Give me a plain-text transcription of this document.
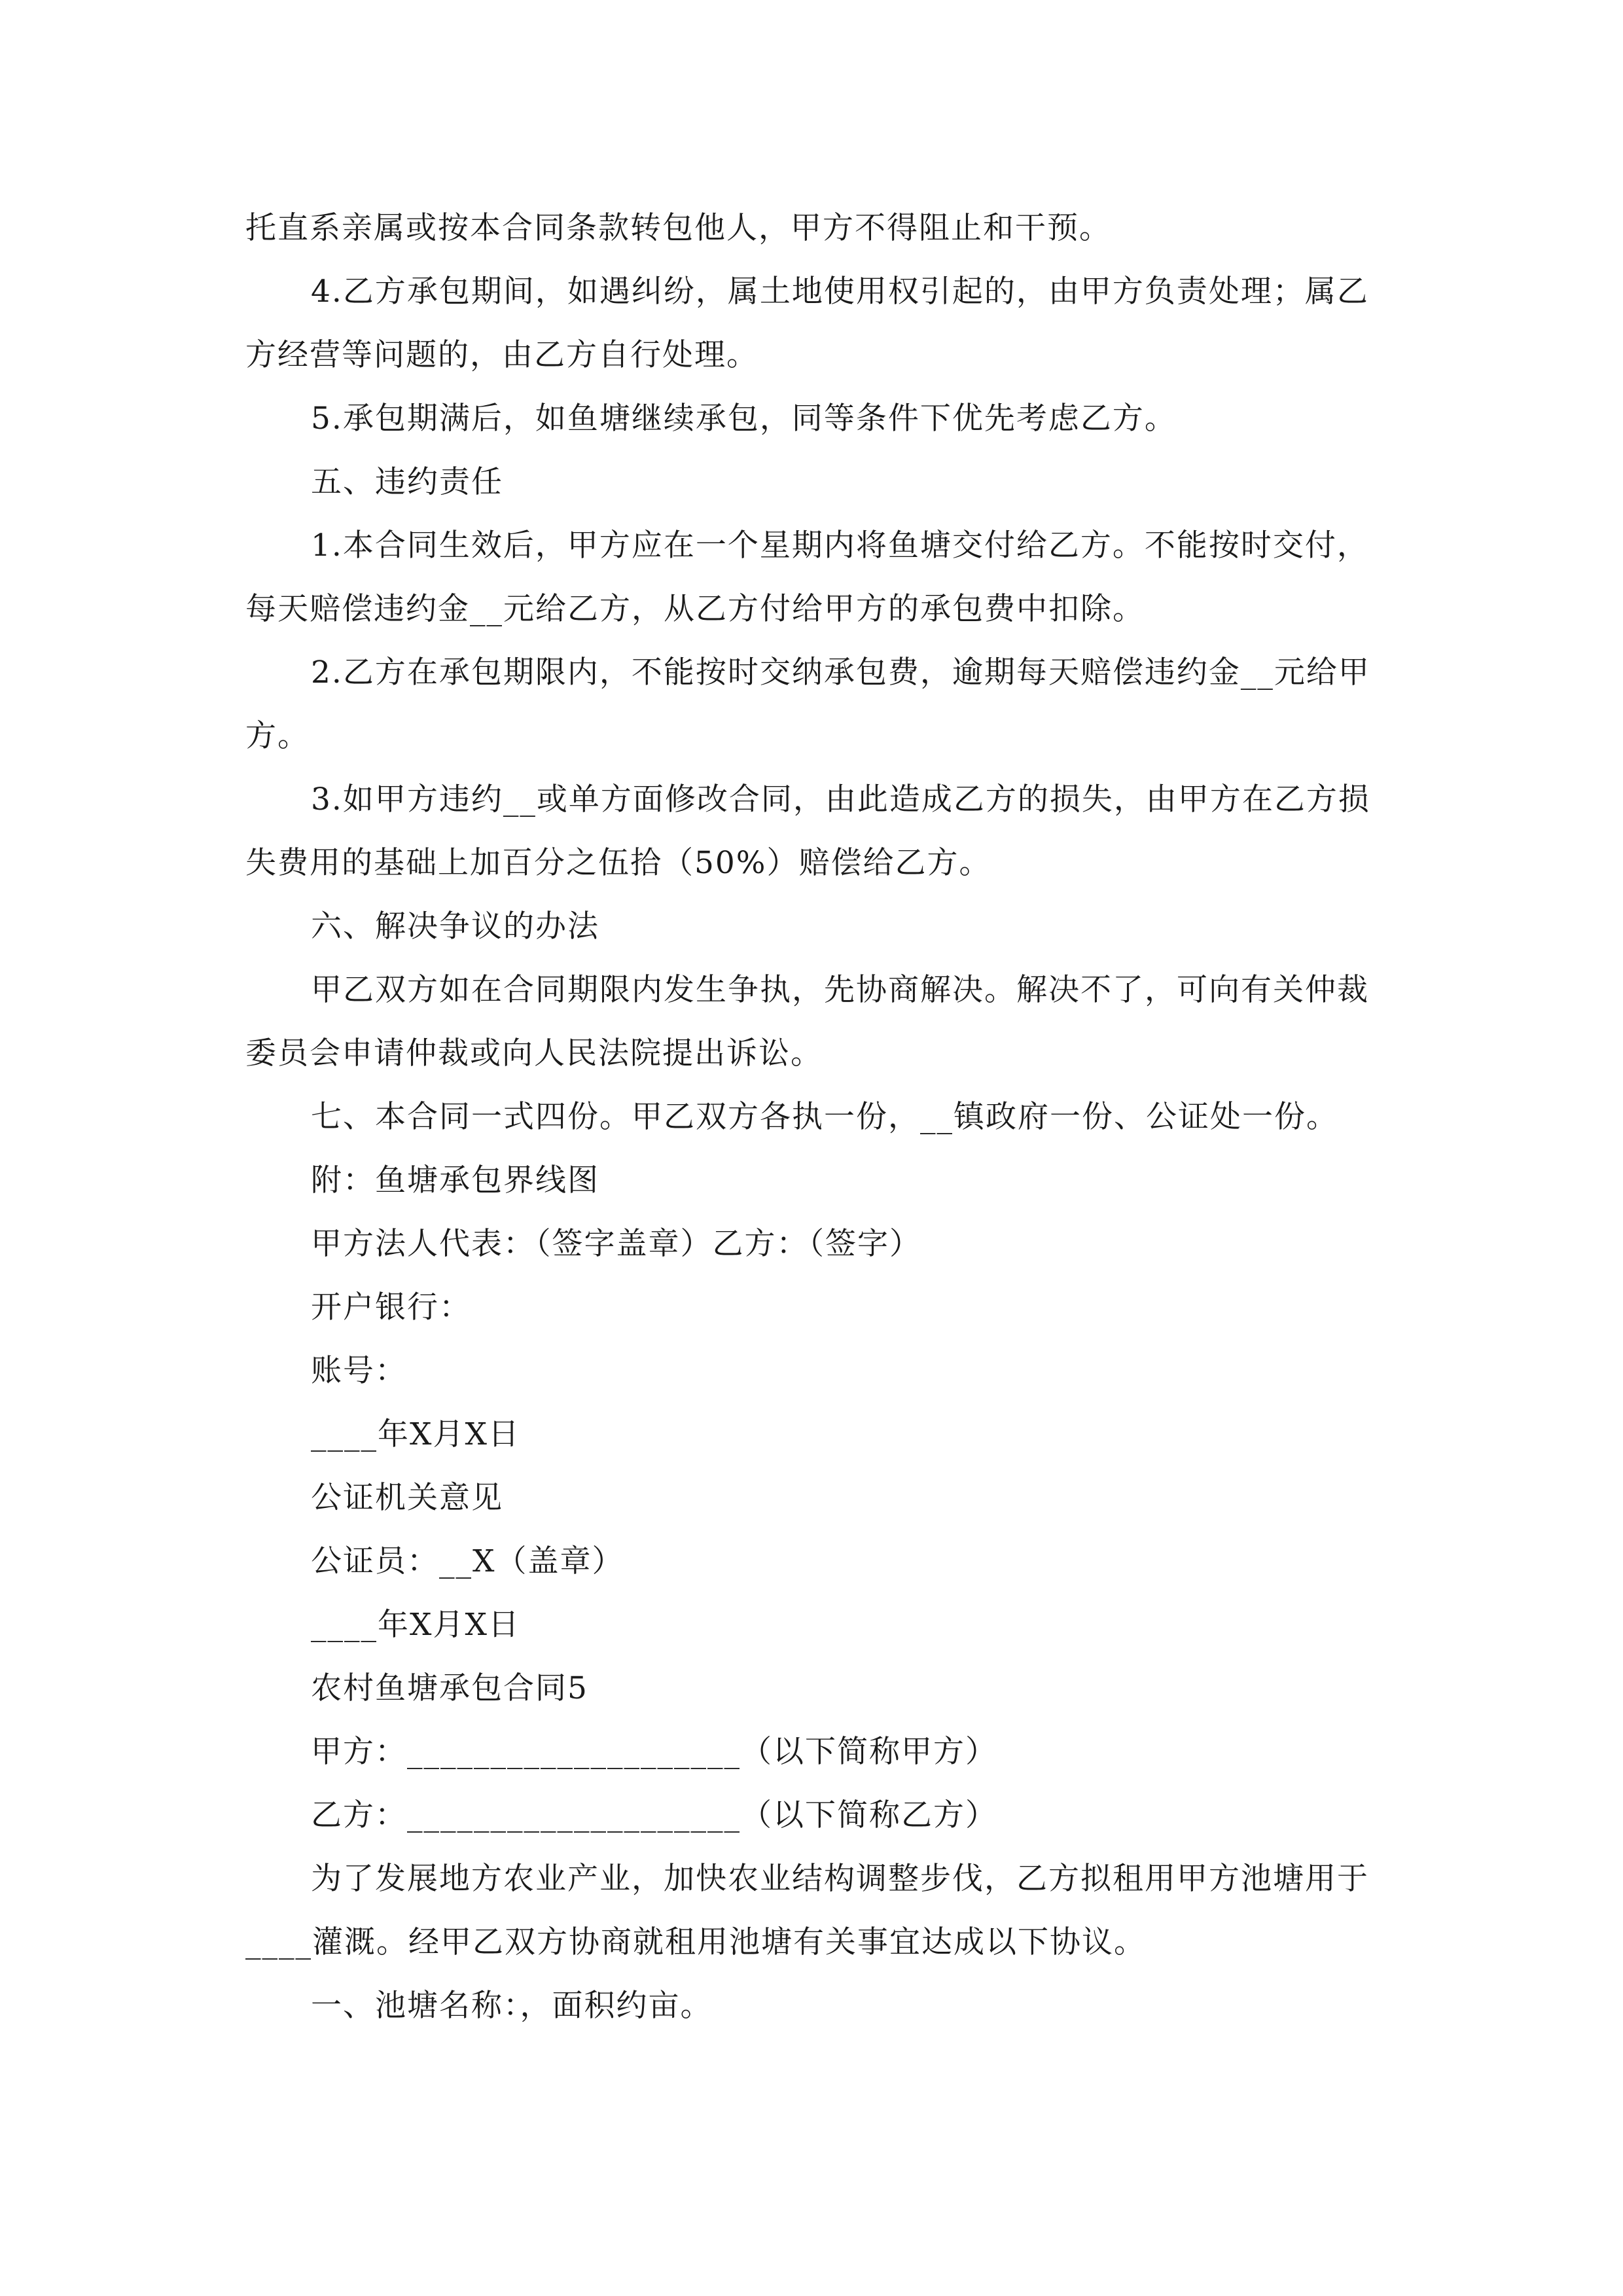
托直系亲属或按本合同条款转包他人，甲方不得阻止和干预。
4.乙方承包期间，如遇纠纷，属土地使用权引起的，由甲方负责处理；属乙
方经营等问题的，由乙方自行处理。
5.承包期满后，如鱼塘继续承包，同等条件下优先考虑乙方。
五、违约责任
1.本合同生效后，甲方应在一个星期内将鱼塘交付给乙方。不能按时交付，
每天赔偿违约金__元给乙方，从乙方付给甲方的承包费中扣除。
2.乙方在承包期限内，不能按时交纳承包费，逾期每天赔偿违约金__元给甲
方。
3.如甲方违约__或单方面修改合同，由此造成乙方的损失，由甲方在乙方损
失费用的基础上加百分之伍拾（50%）赔偿给乙方。
六、解决争议的办法
甲乙双方如在合同期限内发生争执，先协商解决。解决不了，可向有关仲裁
委员会申请仲裁或向人民法院提出诉讼。
七、本合同一式四份。甲乙双方各执一份，__镇政府一份、公证处一份。
附：鱼塘承包界线图
甲方法人代表：（签字盖章）乙方：（签字）
开户银行：
账号：
____年X月X日
公证机关意见
公证员：__X（盖章）
____年X月X日
农村鱼塘承包合同5
甲方：____________________（以下简称甲方）
乙方：____________________（以下简称乙方）
为了发展地方农业产业，加快农业结构调整步伐，乙方拟租用甲方池塘用于
____灌溉。经甲乙双方协商就租用池塘有关事宜达成以下协议。
一、池塘名称：，面积约亩。
